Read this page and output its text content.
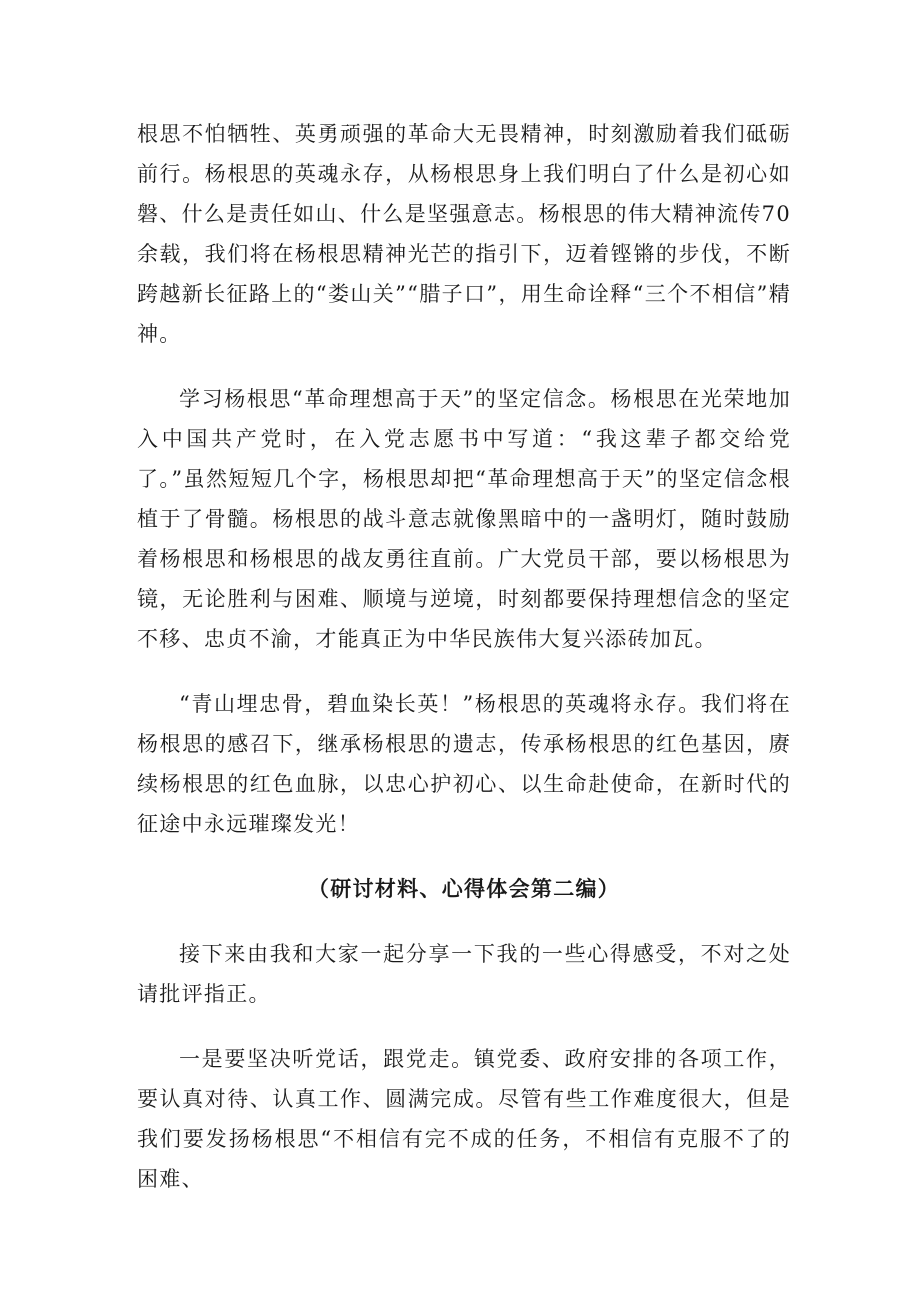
根思不怕牺牲、英勇顽强的革命大无畏精神，时刻激励着我们砥砺前行。杨根思的英魂永存，从杨根思身上我们明白了什么是初心如磐、什么是责任如山、什么是坚强意志。杨根思的伟大精神流传70余载，我们将在杨根思精神光芒的指引下，迈着铿锵的步伐，不断跨越新长征路上的“娄山关”“腊子口”，用生命诠释“三个不相信”精神。

学习杨根思“革命理想高于天”的坚定信念。杨根思在光荣地加入中国共产党时，在入党志愿书中写道：“我这辈子都交给党了。”虽然短短几个字，杨根思却把“革命理想高于天”的坚定信念根植于了骨髓。杨根思的战斗意志就像黑暗中的一盏明灯，随时鼓励着杨根思和杨根思的战友勇往直前。广大党员干部，要以杨根思为镜，无论胜利与困难、顺境与逆境，时刻都要保持理想信念的坚定不移、忠贞不渝，才能真正为中华民族伟大复兴添砖加瓦。

“青山埋忠骨，碧血染长英！”杨根思的英魂将永存。我们将在杨根思的感召下，继承杨根思的遗志，传承杨根思的红色基因，赓续杨根思的红色血脉，以忠心护初心、以生命赴使命，在新时代的征途中永远璀璨发光！

（研讨材料、心得体会第二编）

接下来由我和大家一起分享一下我的一些心得感受，不对之处请批评指正。

一是要坚决听党话，跟党走。镇党委、政府安排的各项工作，要认真对待、认真工作、圆满完成。尽管有些工作难度很大，但是我们要发扬杨根思“不相信有完不成的任务，不相信有克服不了的困难、
